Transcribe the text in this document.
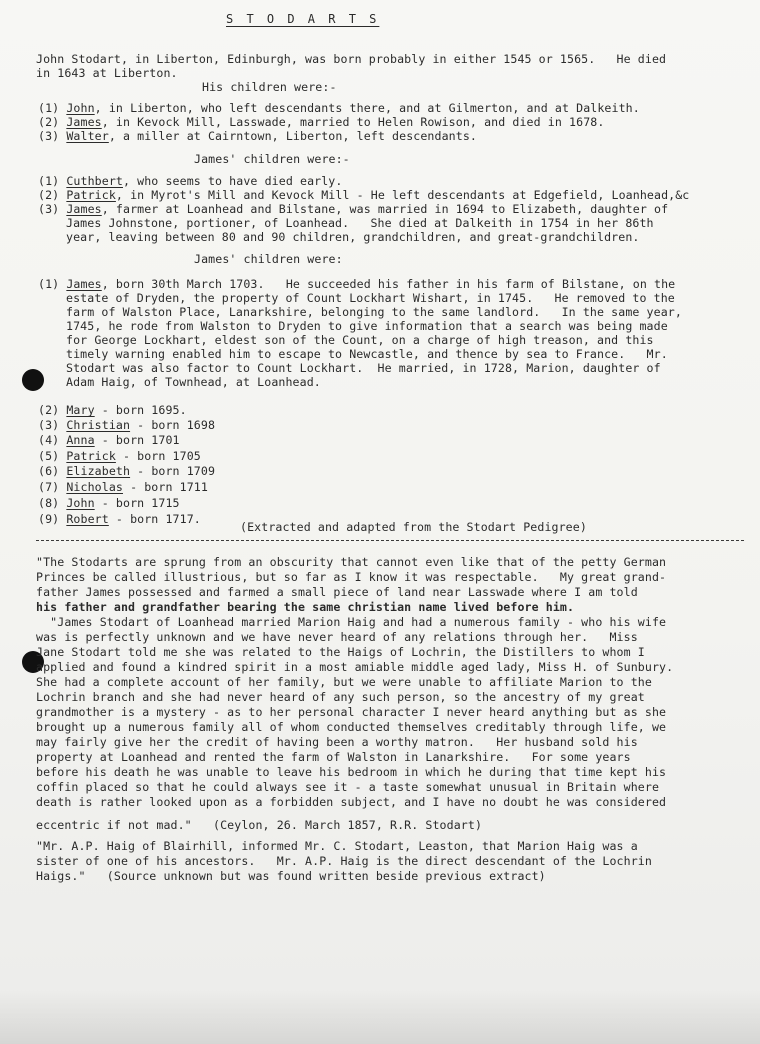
S T O D A R T S
John Stodart, in Liberton, Edinburgh, was born probably in either 1545 or 1565.   He died
in 1643 at Liberton.
His children were:-
(1) John, in Liberton, who left descendants there, and at Gilmerton, and at Dalkeith.
(2) James, in Kevock Mill, Lasswade, married to Helen Rowison, and died in 1678.
(3) Walter, a miller at Cairntown, Liberton, left descendants.
James' children were:-
(1) Cuthbert, who seems to have died early.
(2) Patrick, in Myrot's Mill and Kevock Mill - He left descendants at Edgefield, Loanhead,&c
(3) James, farmer at Loanhead and Bilstane, was married in 1694 to Elizabeth, daughter of
James Johnstone, portioner, of Loanhead.   She died at Dalkeith in 1754 in her 86th
year, leaving between 80 and 90 children, grandchildren, and great-grandchildren.
James' children were:
(1) James, born 30th March 1703.   He succeeded his father in his farm of Bilstane, on the
estate of Dryden, the property of Count Lockhart Wishart, in 1745.   He removed to the
farm of Walston Place, Lanarkshire, belonging to the same landlord.   In the same year,
1745, he rode from Walston to Dryden to give information that a search was being made
for George Lockhart, eldest son of the Count, on a charge of high treason, and this
timely warning enabled him to escape to Newcastle, and thence by sea to France.   Mr.
Stodart was also factor to Count Lockhart.  He married, in 1728, Marion, daughter of
Adam Haig, of Townhead, at Loanhead.
(2) Mary - born 1695.
(3) Christian - born 1698
(4) Anna - born 1701
(5) Patrick - born 1705
(6) Elizabeth - born 1709
(7) Nicholas - born 1711
(8) John - born 1715
(9) Robert - born 1717.
(Extracted and adapted from the Stodart Pedigree)
"The Stodarts are sprung from an obscurity that cannot even like that of the petty German
Princes be called illustrious, but so far as I know it was respectable.   My great grand-
father James possessed and farmed a small piece of land near Lasswade where I am told
his father and grandfather bearing the same christian name lived before him.
"James Stodart of Loanhead married Marion Haig and had a numerous family - who his wife
was is perfectly unknown and we have never heard of any relations through her.   Miss
Jane Stodart told me she was related to the Haigs of Lochrin, the Distillers to whom I
applied and found a kindred spirit in a most amiable middle aged lady, Miss H. of Sunbury.
She had a complete account of her family, but we were unable to affiliate Marion to the
Lochrin branch and she had never heard of any such person, so the ancestry of my great
grandmother is a mystery - as to her personal character I never heard anything but as she
brought up a numerous family all of whom conducted themselves creditably through life, we
may fairly give her the credit of having been a worthy matron.   Her husband sold his
property at Loanhead and rented the farm of Walston in Lanarkshire.   For some years
before his death he was unable to leave his bedroom in which he during that time kept his
coffin placed so that he could always see it - a taste somewhat unusual in Britain where
death is rather looked upon as a forbidden subject, and I have no doubt he was considered
eccentric if not mad."   (Ceylon, 26. March 1857, R.R. Stodart)
"Mr. A.P. Haig of Blairhill, informed Mr. C. Stodart, Leaston, that Marion Haig was a
sister of one of his ancestors.   Mr. A.P. Haig is the direct descendant of the Lochrin
Haigs."   (Source unknown but was found written beside previous extract)
